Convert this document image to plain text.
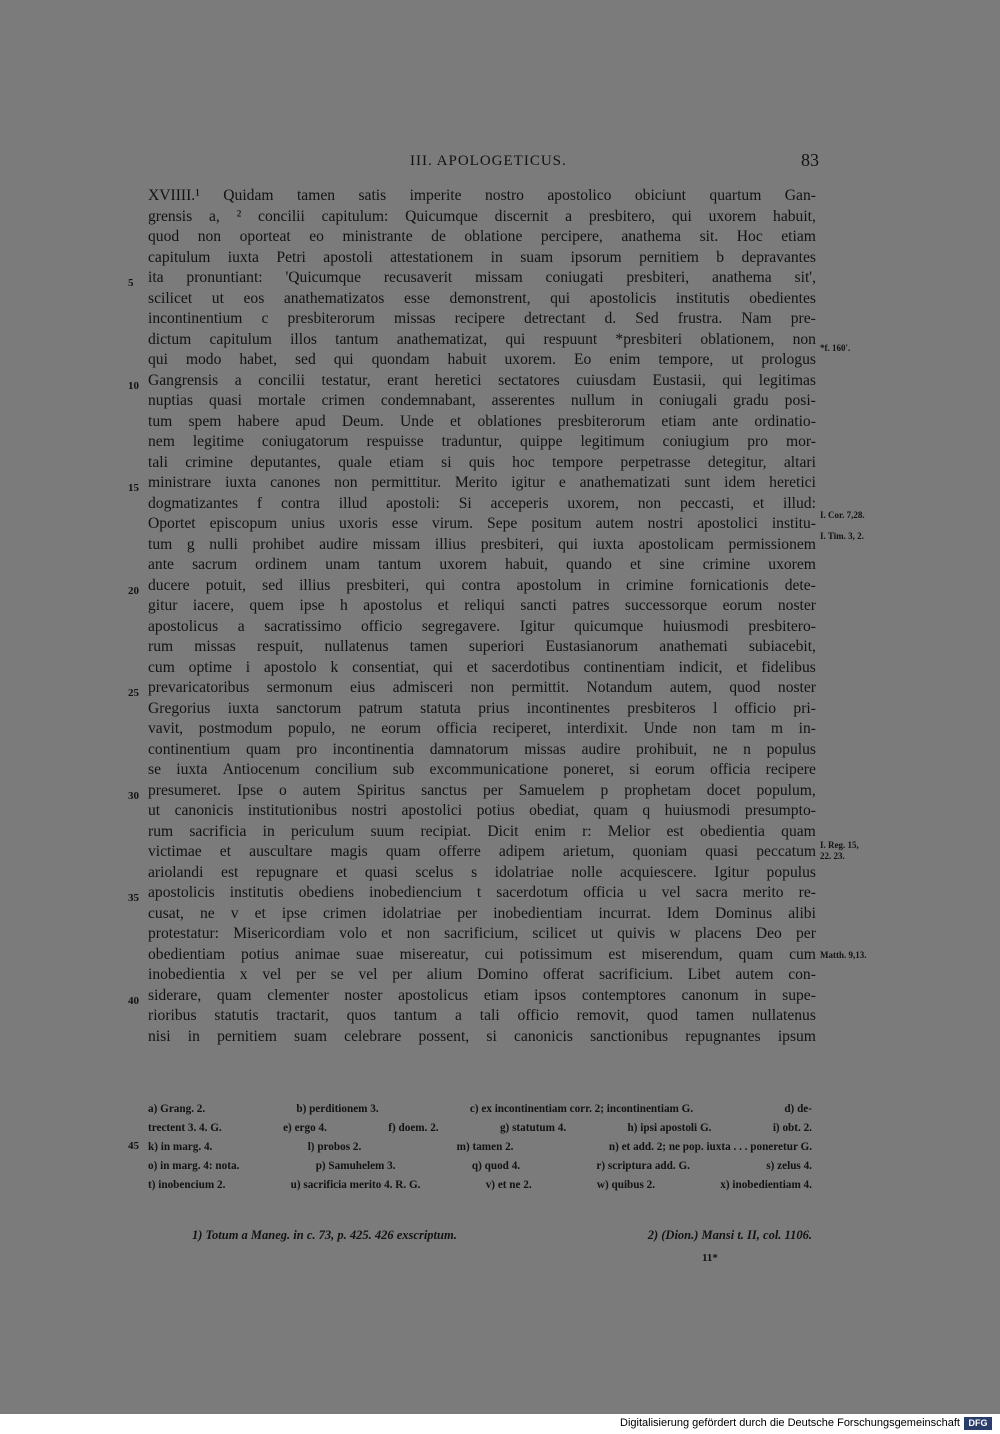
III. APOLOGETICUS.	83
XVIIII.¹ Quidam tamen satis imperite nostro apostolico obiciunt quartum Gan-
grensis a, ² concilii capitulum: Quicumque discernit a presbitero, qui uxorem habuit,
quod non oporteat eo ministrante de oblatione percipere, anathema sit. Hoc etiam
capitulum iuxta Petri apostoli attestationem in suam ipsorum pernitiem b depravantes
ita pronuntiant: 'Quicumque recusaverit missam coniugati presbiteri, anathema sit',
scilicet ut eos anathematizatos esse demonstrent, qui apostolicis institutis obedientes
incontinentium c presbiterorum missas recipere detrectant d. Sed frustra. Nam pre-
dictum capitulum illos tantum anathematizat, qui respuunt *presbiteri oblationem, non
qui modo habet, sed qui quondam habuit uxorem. Eo enim tempore, ut prologus
Gangrensis a concilii testatur, erant heretici sectatores cuiusdam Eustasii, qui legitimas
nuptias quasi mortale crimen condemnabant, asserentes nullum in coniugali gradu posi-
tum spem habere apud Deum. Unde et oblationes presbiterorum etiam ante ordinatio-
nem legitime coniugatorum respuisse traduntur, quippe legitimum coniugium pro mor-
tali crimine deputantes, quale etiam si quis hoc tempore perpetrasse detegitur, altari
ministrare iuxta canones non permittitur. Merito igitur e anathematizati sunt idem heretici
dogmatizantes f contra illud apostoli: Si acceperis uxorem, non peccasti, et illud:
Oportet episcopum unius uxoris esse virum. Sepe positum autem nostri apostolici institu-
tum g nulli prohibet audire missam illius presbiteri, qui iuxta apostolicam permissionem
ante sacrum ordinem unam tantum uxorem habuit, quando et sine crimine uxorem
ducere potuit, sed illius presbiteri, qui contra apostolum in crimine fornicationis dete-
gitur iacere, quem ipse h apostolus et reliqui sancti patres successorque eorum noster
apostolicus a sacratissimo officio segregavere. Igitur quicumque huiusmodi presbitero-
rum missas respuit, nullatenus tamen superiori Eustasianorum anathemati subiacebit,
cum optime i apostolo k consentiat, qui et sacerdotibus continentiam indicit, et fidelibus
prevaricatoribus sermonum eius admisceri non permittit. Notandum autem, quod noster
Gregorius iuxta sanctorum patrum statuta prius incontinentes presbiteros l officio pri-
vavit, postmodum populo, ne eorum officia reciperet, interdixit. Unde non tam m in-
continentium quam pro incontinentia damnatorum missas audire prohibuit, ne n populus
se iuxta Antiocenum concilium sub excommunicatione poneret, si eorum officia recipere
presumeret. Ipse o autem Spiritus sanctus per Samuelem p prophetam docet populum,
ut canonicis institutionibus nostri apostolici potius obediat, quam q huiusmodi presumpto-
rum sacrificia in periculum suum recipiat. Dicit enim r: Melior est obedientia quam
victimae et auscultare magis quam offerre adipem arietum, quoniam quasi peccatum
ariolandi est repugnare et quasi scelus s idolatriae nolle acquiescere. Igitur populus
apostolicis institutis obediens inobediencium t sacerdotum officia u vel sacra merito re-
cusat, ne v et ipse crimen idolatriae per inobedientiam incurrat. Idem Dominus alibi
protestatur: Misericordiam volo et non sacrificium, scilicet ut quivis w placens Deo per
obedientiam potius animae suae misereatur, cui potissimum est miserendum, quam cum
inobedientia x vel per se vel per alium Domino offerat sacrificium. Libet autem con-
siderare, quam clementer noster apostolicus etiam ipsos contemptores canonum in supe-
rioribus statutis tractarit, quos tantum a tali officio removit, quod tamen nullatenus
nisi in pernitiem suam celebrare possent, si canonicis sanctionibus repugnantes ipsum
5
10
15
20
25
30
35
40
45
*f. 160'.
I. Cor. 7,28.
I. Tim. 3, 2.
I. Reg. 15, 22. 23.
Matth. 9,13.
a) Grang. 2.	b) perditionem 3.	c) ex incontinentiam corr. 2; incontinentiam G.	d) de-
trectent 3. 4. G.	e) ergo 4.	f) doem. 2.	g) statutum 4.	h) ipsi apostoli G.	i) obt. 2.
k) in marg. 4.	l) probos 2.	m) tamen 2.	n) et add. 2; ne pop. iuxta . . . poneretur G.
o) in marg. 4: nota.	p) Samuhelem 3.	q) quod 4.	r) scriptura add. G.	s) zelus 4.
t) inobencium 2.	u) sacrificia merito 4. R. G.	v) et ne 2.	w) quibus 2.	x) inobedientiam 4.
1) Totum a Maneg. in c. 73, p. 425. 426 exscriptum.	2) (Dion.) Mansi t. II, col. 1106.
11*
Digitalisierung gefördert durch die Deutsche Forschungsgemeinschaft DFG
